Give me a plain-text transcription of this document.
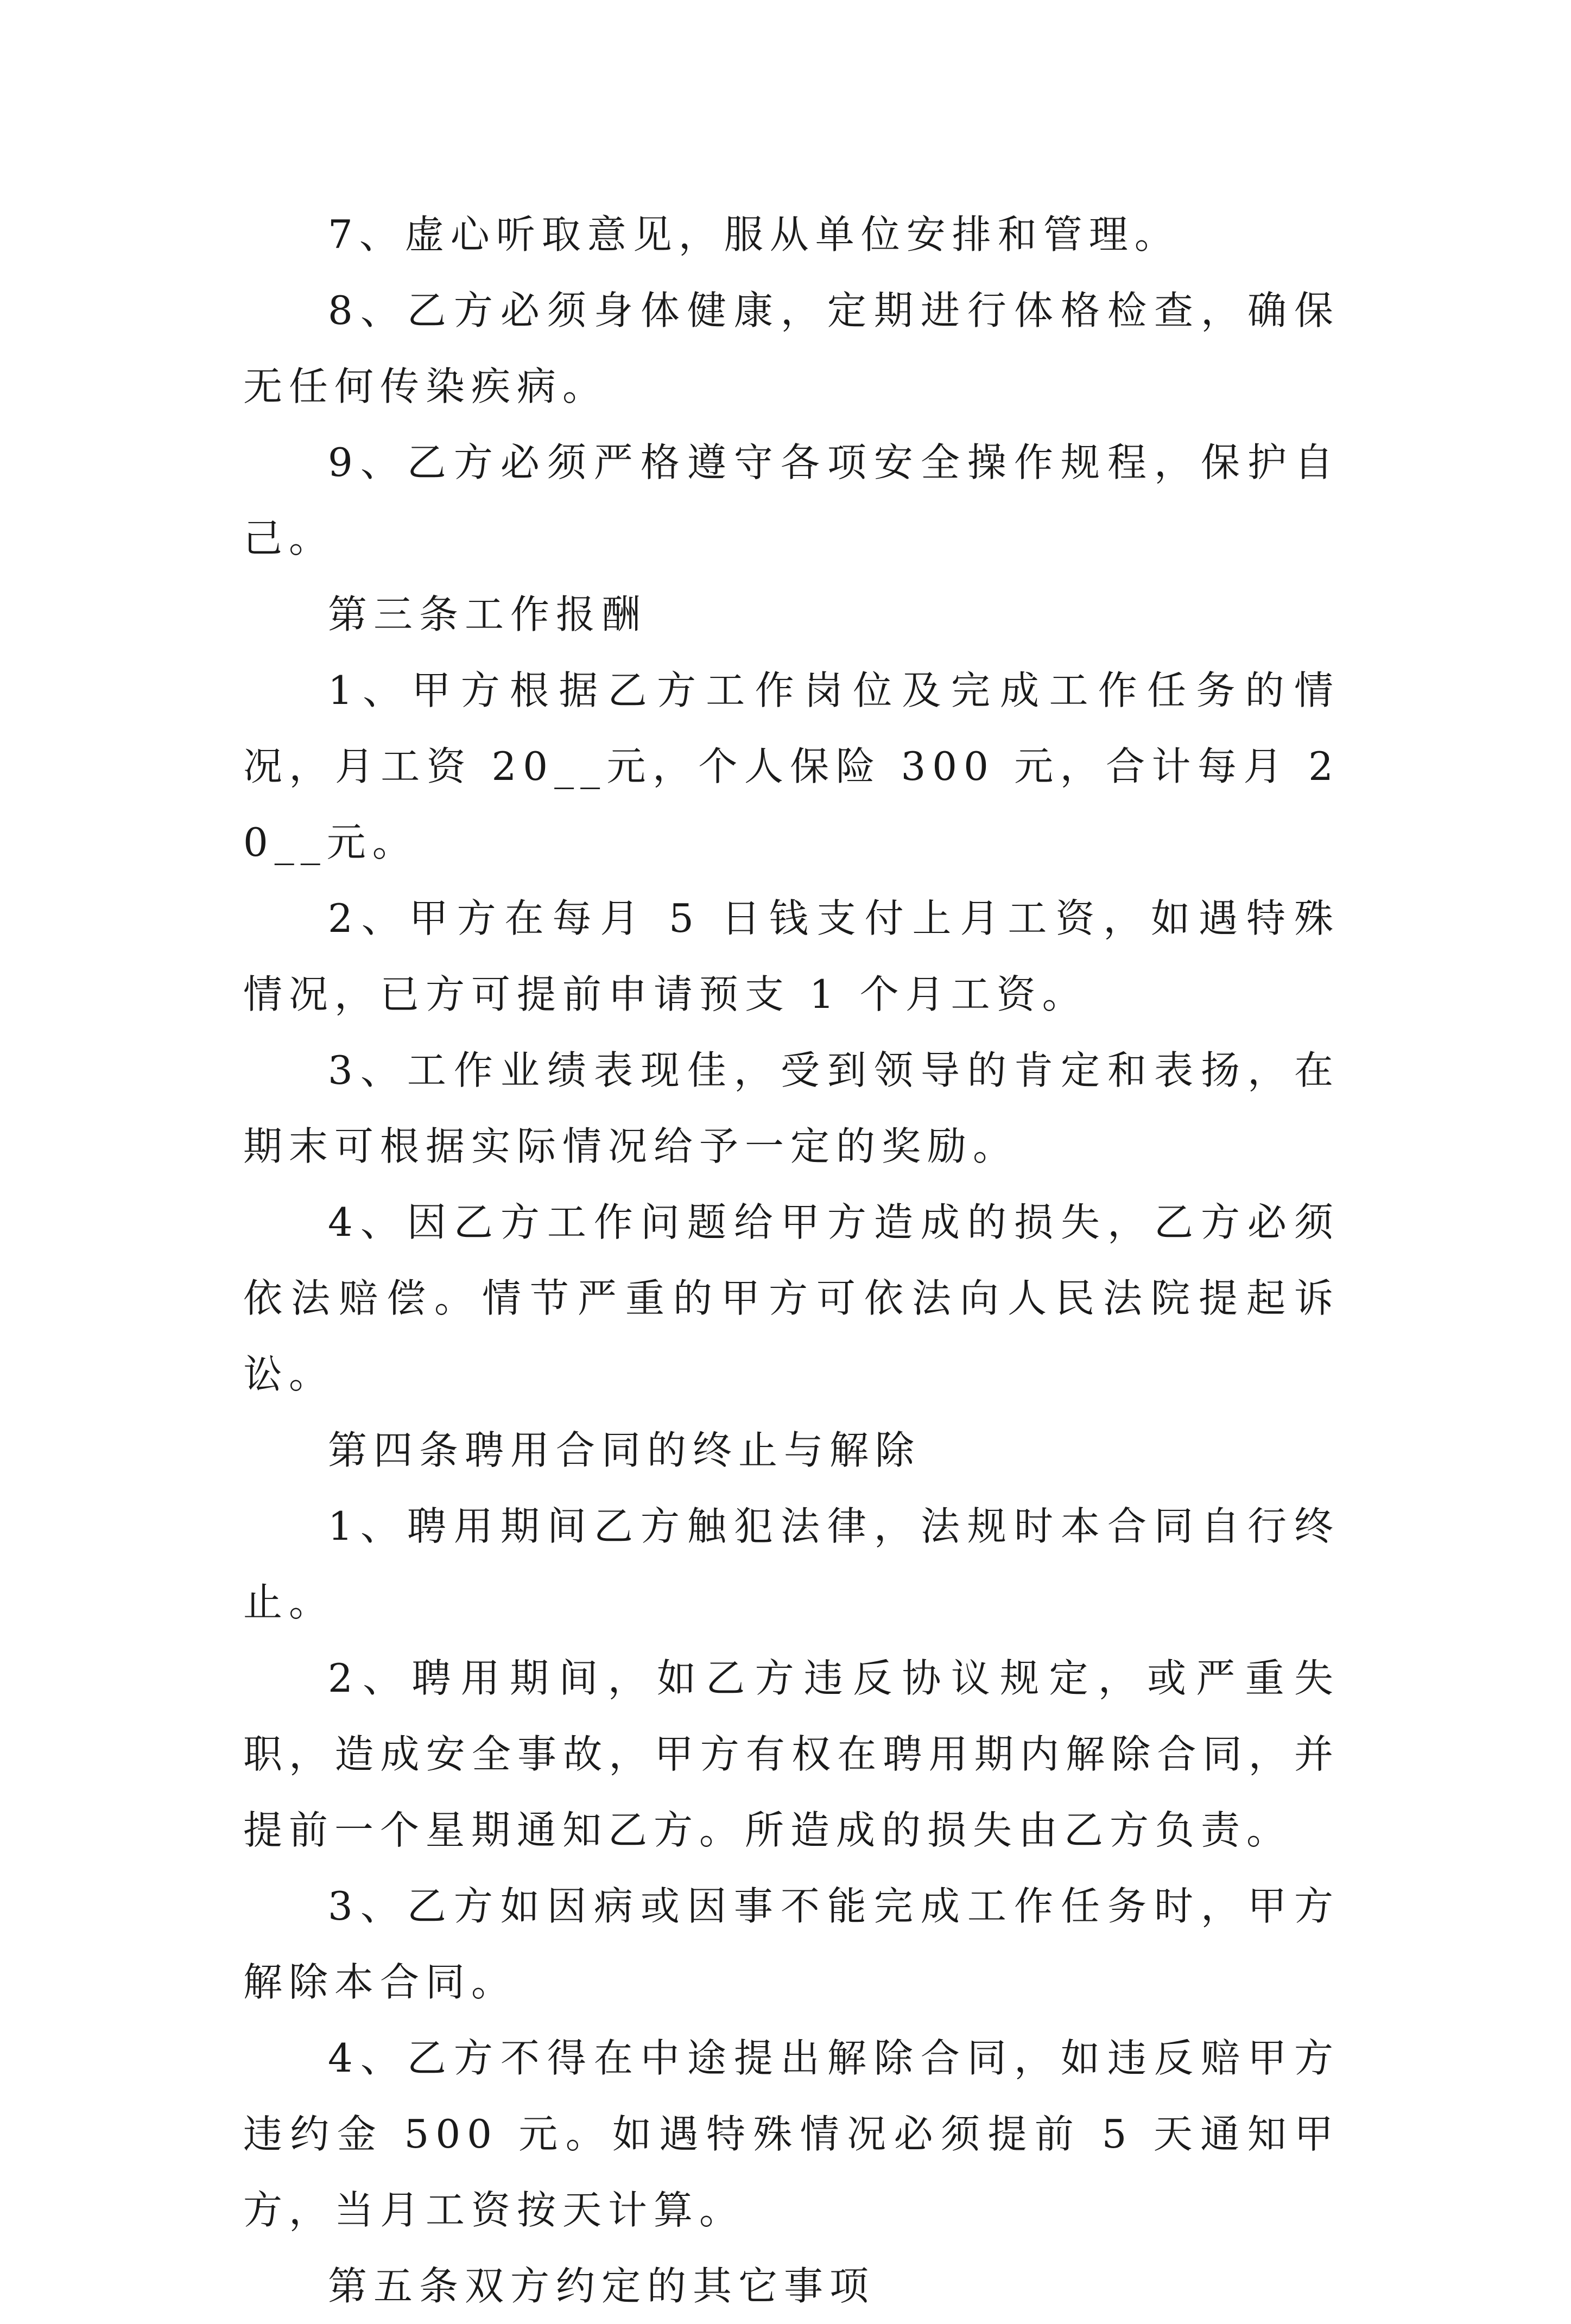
7、虚心听取意见，服从单位安排和管理。

8、乙方必须身体健康，定期进行体格检查，确保无任何传染疾病。

9、乙方必须严格遵守各项安全操作规程，保护自己。

第三条工作报酬

1、甲方根据乙方工作岗位及完成工作任务的情况，月工资 20__元，个人保险 300 元，合计每月 20__元。

2、甲方在每月 5 日钱支付上月工资，如遇特殊情况，已方可提前申请预支 1 个月工资。

3、工作业绩表现佳，受到领导的肯定和表扬，在期末可根据实际情况给予一定的奖励。

4、因乙方工作问题给甲方造成的损失，乙方必须依法赔偿。情节严重的甲方可依法向人民法院提起诉讼。

第四条聘用合同的终止与解除

1、聘用期间乙方触犯法律，法规时本合同自行终止。

2、聘用期间，如乙方违反协议规定，或严重失职，造成安全事故，甲方有权在聘用期内解除合同，并提前一个星期通知乙方。所造成的损失由乙方负责。

3、乙方如因病或因事不能完成工作任务时，甲方解除本合同。

4、乙方不得在中途提出解除合同，如违反赔甲方违约金 500 元。如遇特殊情况必须提前 5 天通知甲方，当月工资按天计算。

第五条双方约定的其它事项
